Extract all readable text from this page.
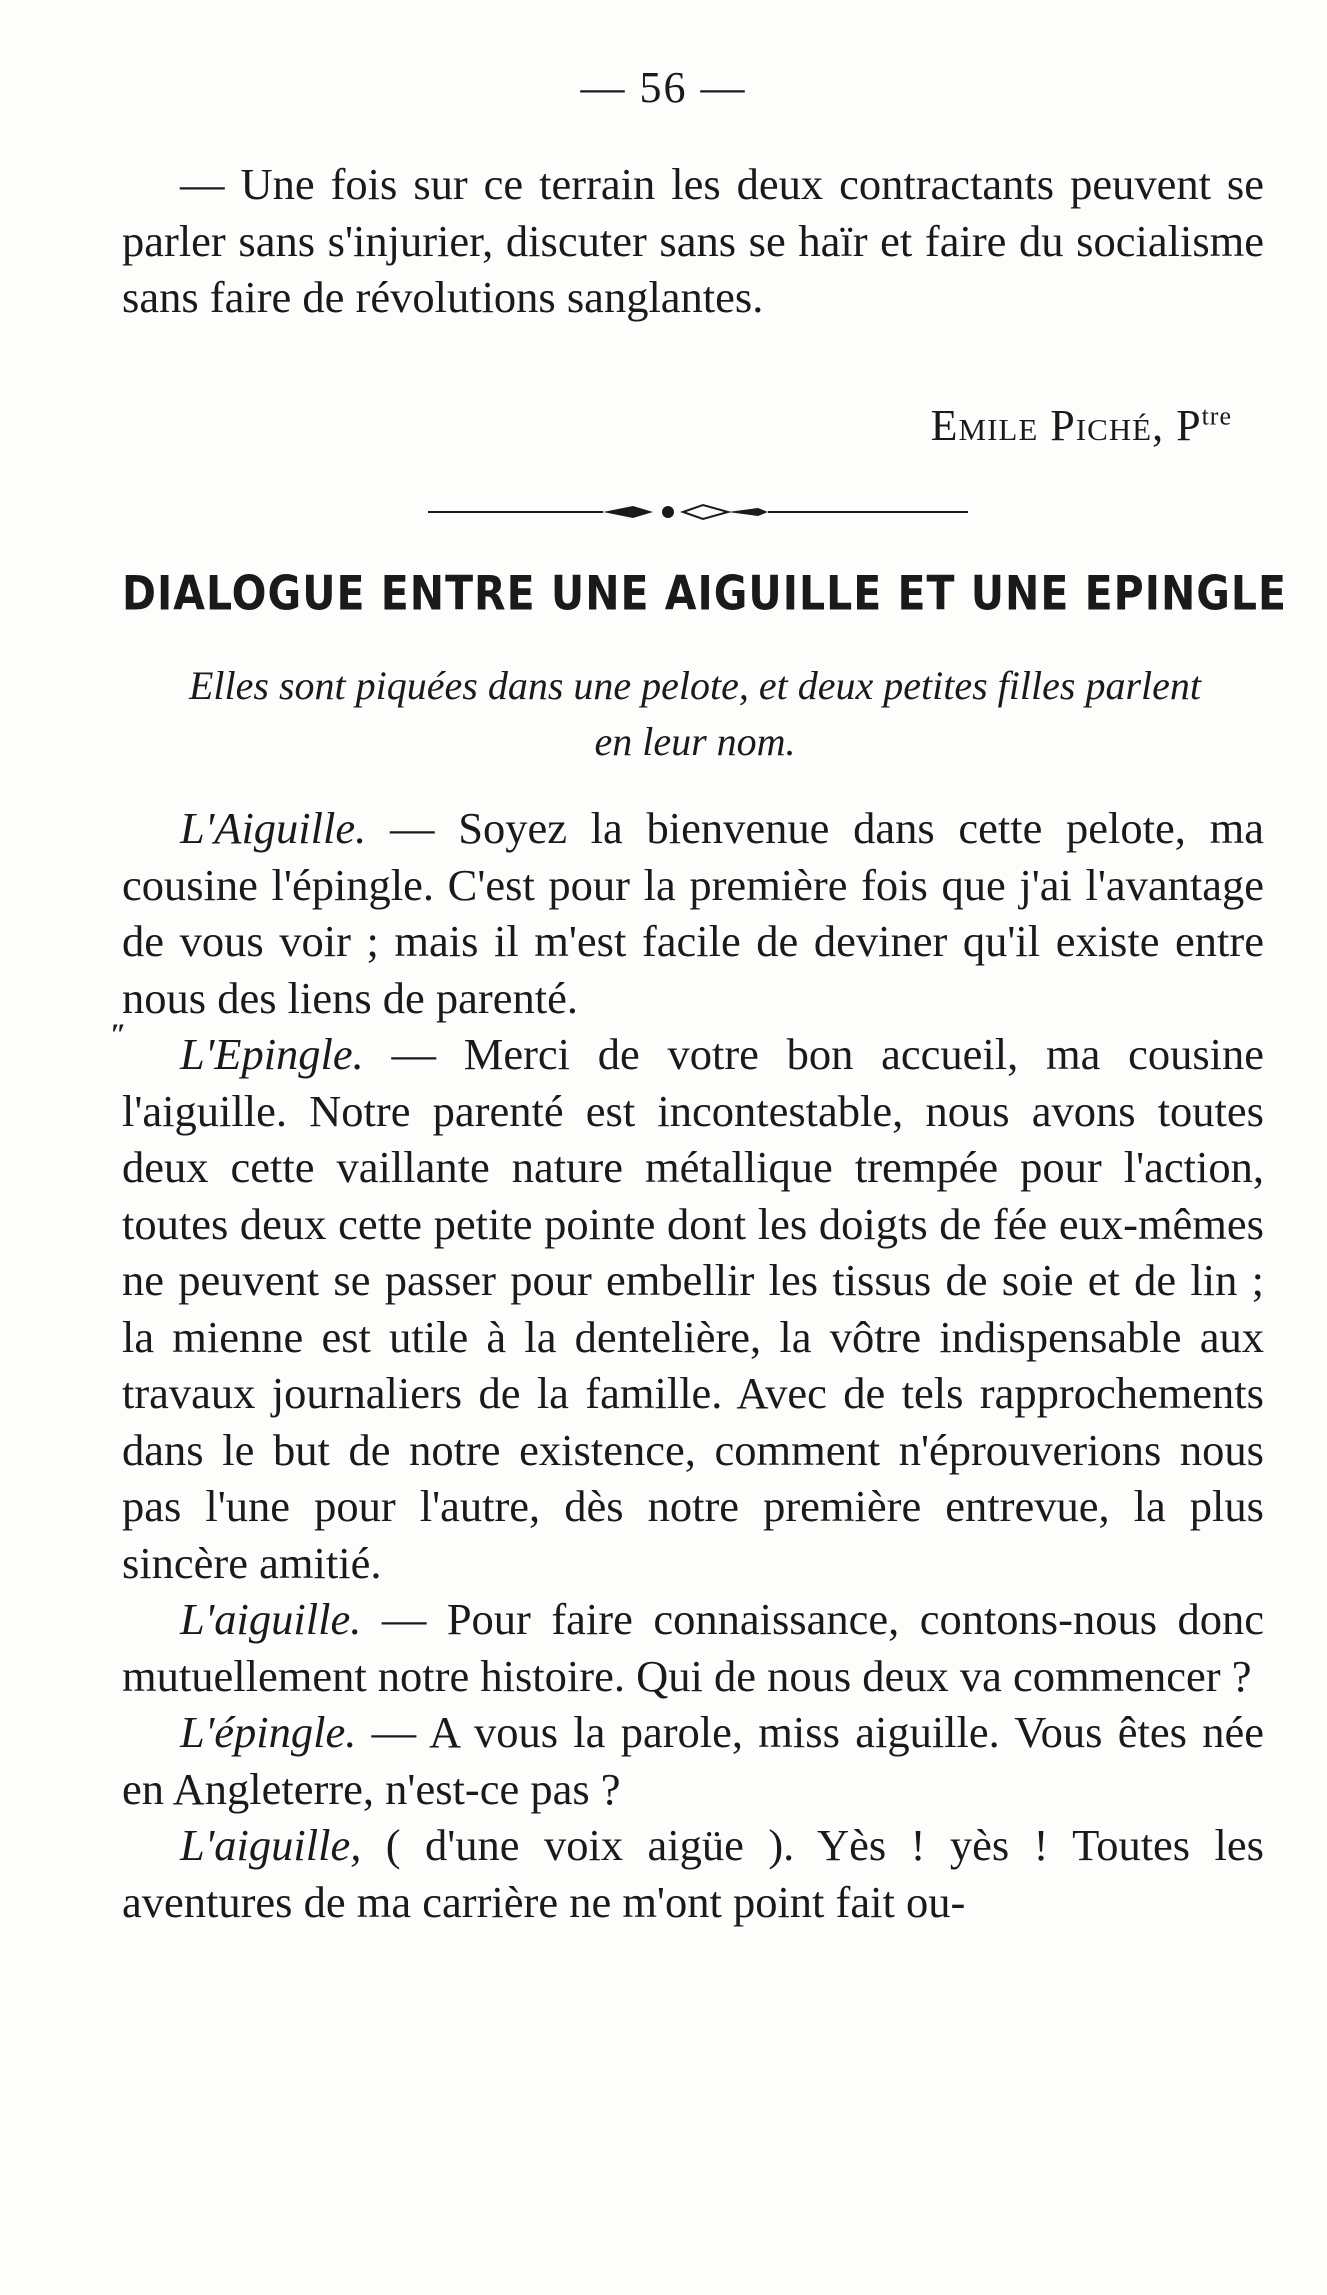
— 56 —

— Une fois sur ce terrain les deux contractants peuvent se parler sans s'injurier, discuter sans se haïr et faire du socialisme sans faire de révolutions sanglantes.

Emile Piché, $P^{tre}$
DIALOGUE ENTRE UNE AIGUILLE ET UNE EPINGLE
Elles sont piquées dans une pelote, et deux petites filles parlent en leur nom.
″

L'Aiguille. — Soyez la bienvenue dans cette pelote, ma cousine l'épingle. C'est pour la première fois que j'ai l'avantage de vous voir ; mais il m'est facile de deviner qu'il existe entre nous des liens de parenté.

L'Epingle. — Merci de votre bon accueil, ma cousine l'aiguille. Notre parenté est incontestable, nous avons toutes deux cette vaillante nature métallique trempée pour l'action, toutes deux cette petite pointe dont les doigts de fée eux-mêmes ne peuvent se passer pour embellir les tissus de soie et de lin ; la mienne est utile à la dentelière, la vôtre indispensable aux travaux journaliers de la famille. Avec de tels rapprochements dans le but de notre existence, comment n'éprouverions nous pas l'une pour l'autre, dès notre première entrevue, la plus sincère amitié.

L'aiguille. — Pour faire connaissance, contons-nous donc mutuellement notre histoire. Qui de nous deux va commencer ?

L'épingle. — A vous la parole, miss aiguille. Vous êtes née en Angleterre, n'est-ce pas ?

L'aiguille, ( d'une voix aigüe ). Yès ! yès ! Toutes les aventures de ma carrière ne m'ont point fait ou-
